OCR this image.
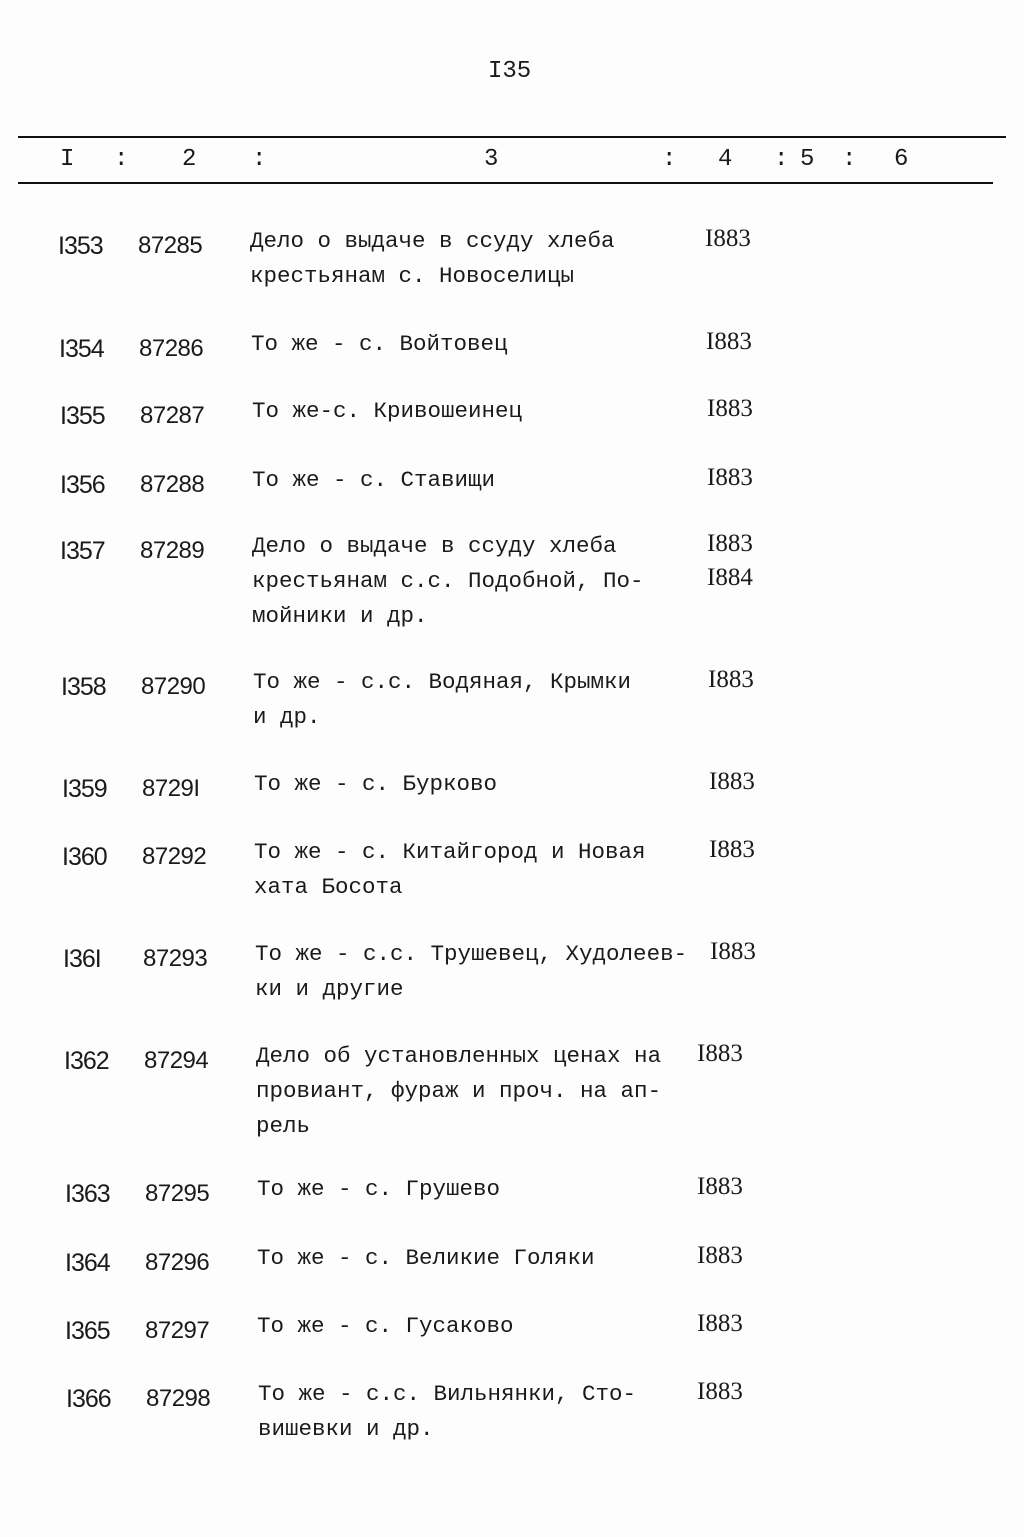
I35
I : 2 :	3	: 4 : 5 : 6
I353 87285 Дело о выдаче в ссуду хлеба
крестьянам с. Новоселицы
I883
I354 87286 То же - с. Войтовец	I883
I355 87287 То же-с. Кривошеинец	I883
I356 87288 То же - с. Ставищи	I883
I357 87289 Дело о выдаче в ссуду хлеба
крестьянам с.с. Подобной, По-
мойники и др.
I883
I884
I358 87290 То же - с.с. Водяная, Крымки
и др.
I883
I359 8729I То же - с. Бурково	I883
I360 87292 То же - с. Китайгород и Новая
хата Босота
I883
I36I 87293 То же - с.с. Трушевец, Худолеев-
ки и другие
I883
I362 87294 Дело об установленных ценах на
провиант, фураж и проч. на ап-
рель
I883
I363 87295 То же - с. Грушево	I883
I364 87296 То же - с. Великие Голяки	I883
I365 87297 То же - с. Гусаково	I883
I366 87298 То же - с.с. Вильнянки, Сто-
вишевки и др.
I883
